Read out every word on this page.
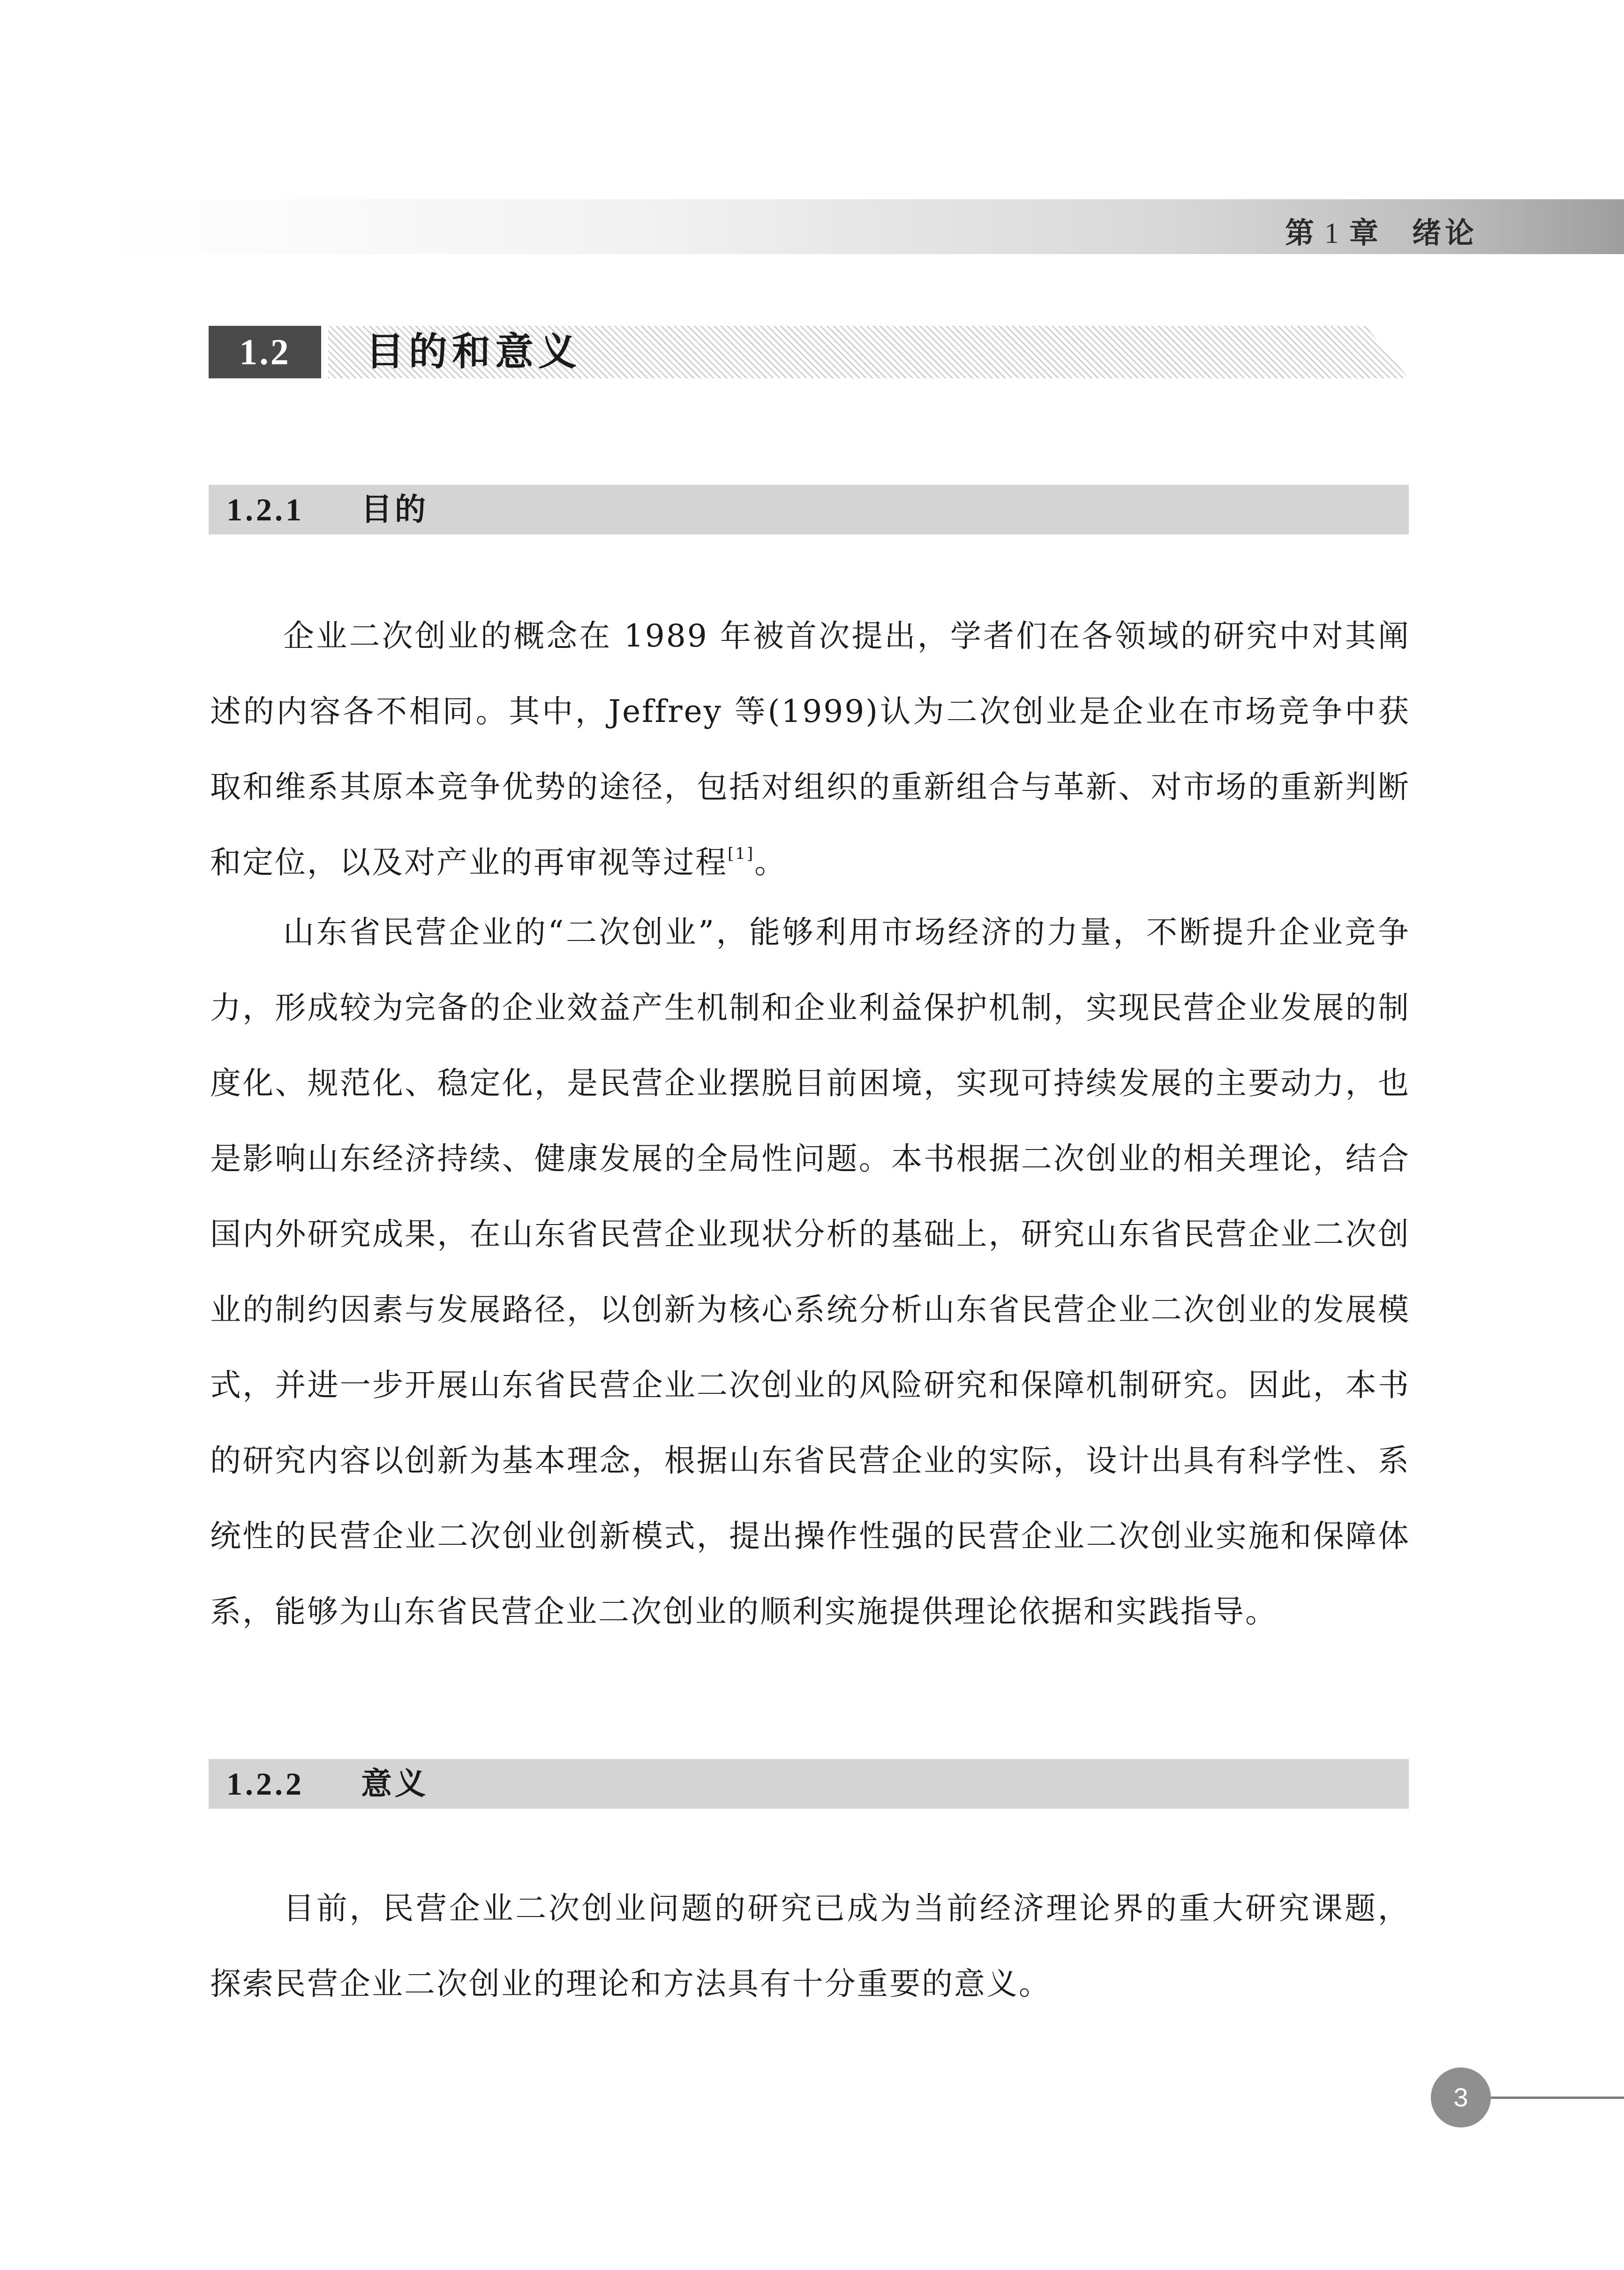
第 1 章 绪论
1.2	目的和意义
1.2.1 目的

企业二次创业的概念在 1989 年被首次提出，学者们在各领域的研究中对其阐述的内容各不相同。其中，Jeffrey 等(1999)认为二次创业是企业在市场竞争中获取和维系其原本竞争优势的途径，包括对组织的重新组合与革新、对市场的重新判断和定位，以及对产业的再审视等过程[1]。

山东省民营企业的“二次创业”，能够利用市场经济的力量，不断提升企业竞争力，形成较为完备的企业效益产生机制和企业利益保护机制，实现民营企业发展的制度化、规范化、稳定化，是民营企业摆脱目前困境，实现可持续发展的主要动力，也是影响山东经济持续、健康发展的全局性问题。本书根据二次创业的相关理论，结合国内外研究成果，在山东省民营企业现状分析的基础上，研究山东省民营企业二次创业的制约因素与发展路径，以创新为核心系统分析山东省民营企业二次创业的发展模式，并进一步开展山东省民营企业二次创业的风险研究和保障机制研究。因此，本书的研究内容以创新为基本理念，根据山东省民营企业的实际，设计出具有科学性、系统性的民营企业二次创业创新模式，提出操作性强的民营企业二次创业实施和保障体系，能够为山东省民营企业二次创业的顺利实施提供理论依据和实践指导。

1.2.2 意义

目前，民营企业二次创业问题的研究已成为当前经济理论界的重大研究课题，探索民营企业二次创业的理论和方法具有十分重要的意义。

3
